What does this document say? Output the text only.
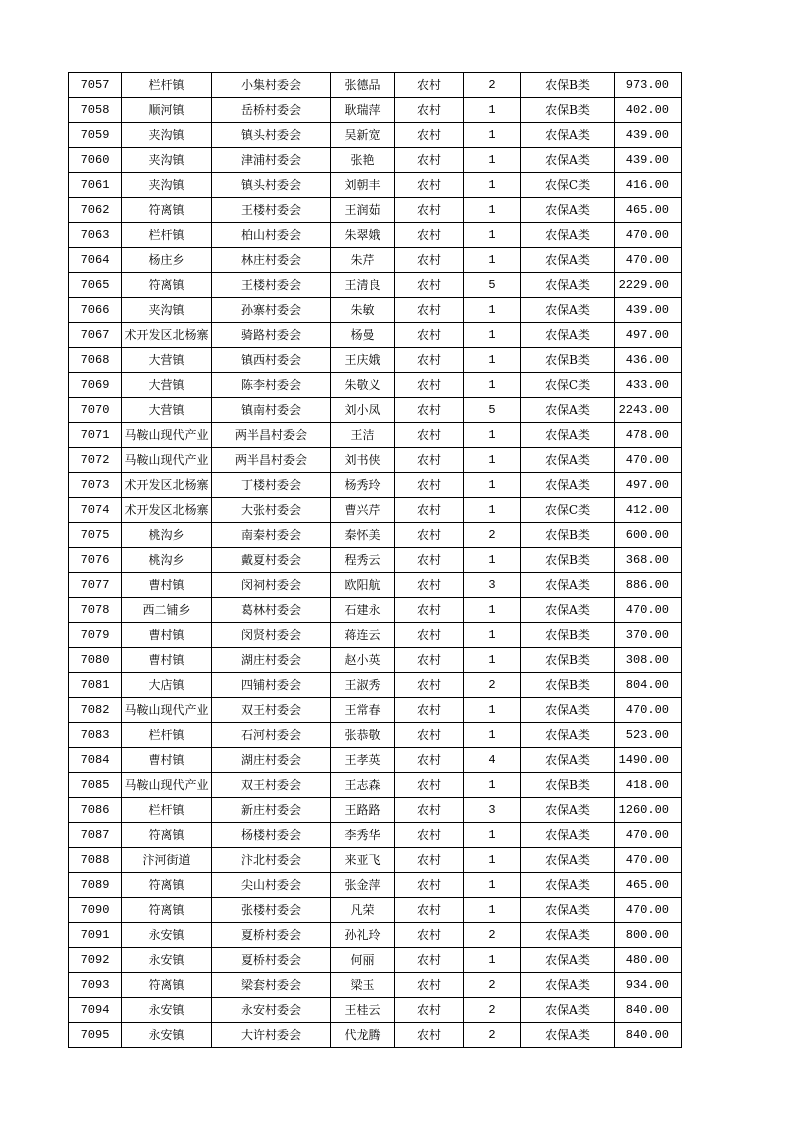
7057	栏杆镇	小集村委会	张德品	农村	2	农保B类	973.00
7058	顺河镇	岳桥村委会	耿瑞萍	农村	1	农保B类	402.00
7059	夹沟镇	镇头村委会	吴新宽	农村	1	农保A类	439.00
7060	夹沟镇	津浦村委会	张艳	农村	1	农保A类	439.00
7061	夹沟镇	镇头村委会	刘朝丰	农村	1	农保C类	416.00
7062	符离镇	王楼村委会	王润茹	农村	1	农保A类	465.00
7063	栏杆镇	柏山村委会	朱翠娥	农村	1	农保A类	470.00
7064	杨庄乡	林庄村委会	朱芹	农村	1	农保A类	470.00
7065	符离镇	王楼村委会	王清良	农村	5	农保A类	2229.00
7066	夹沟镇	孙寨村委会	朱敏	农村	1	农保A类	439.00
7067	术开发区北杨寨	骑路村委会	杨曼	农村	1	农保A类	497.00
7068	大营镇	镇西村委会	王庆娥	农村	1	农保B类	436.00
7069	大营镇	陈李村委会	朱敬义	农村	1	农保C类	433.00
7070	大营镇	镇南村委会	刘小凤	农村	5	农保A类	2243.00
7071	马鞍山现代产业	两半昌村委会	王洁	农村	1	农保A类	478.00
7072	马鞍山现代产业	两半昌村委会	刘书侠	农村	1	农保A类	470.00
7073	术开发区北杨寨	丁楼村委会	杨秀玲	农村	1	农保A类	497.00
7074	术开发区北杨寨	大张村委会	曹兴芹	农村	1	农保C类	412.00
7075	桃沟乡	南秦村委会	秦怀美	农村	2	农保B类	600.00
7076	桃沟乡	戴夏村委会	程秀云	农村	1	农保B类	368.00
7077	曹村镇	闵祠村委会	欧阳航	农村	3	农保A类	886.00
7078	西二铺乡	葛林村委会	石建永	农村	1	农保A类	470.00
7079	曹村镇	闵贤村委会	蒋连云	农村	1	农保B类	370.00
7080	曹村镇	湖庄村委会	赵小英	农村	1	农保B类	308.00
7081	大店镇	四铺村委会	王淑秀	农村	2	农保B类	804.00
7082	马鞍山现代产业	双王村委会	王常春	农村	1	农保A类	470.00
7083	栏杆镇	石河村委会	张恭敬	农村	1	农保A类	523.00
7084	曹村镇	湖庄村委会	王孝英	农村	4	农保A类	1490.00
7085	马鞍山现代产业	双王村委会	王志森	农村	1	农保B类	418.00
7086	栏杆镇	新庄村委会	王路路	农村	3	农保A类	1260.00
7087	符离镇	杨楼村委会	李秀华	农村	1	农保A类	470.00
7088	汴河街道	汴北村委会	来亚飞	农村	1	农保A类	470.00
7089	符离镇	尖山村委会	张金萍	农村	1	农保A类	465.00
7090	符离镇	张楼村委会	凡荣	农村	1	农保A类	470.00
7091	永安镇	夏桥村委会	孙礼玲	农村	2	农保A类	800.00
7092	永安镇	夏桥村委会	何丽	农村	1	农保A类	480.00
7093	符离镇	梁套村委会	梁玉	农村	2	农保A类	934.00
7094	永安镇	永安村委会	王桂云	农村	2	农保A类	840.00
7095	永安镇	大许村委会	代龙腾	农村	2	农保A类	840.00
